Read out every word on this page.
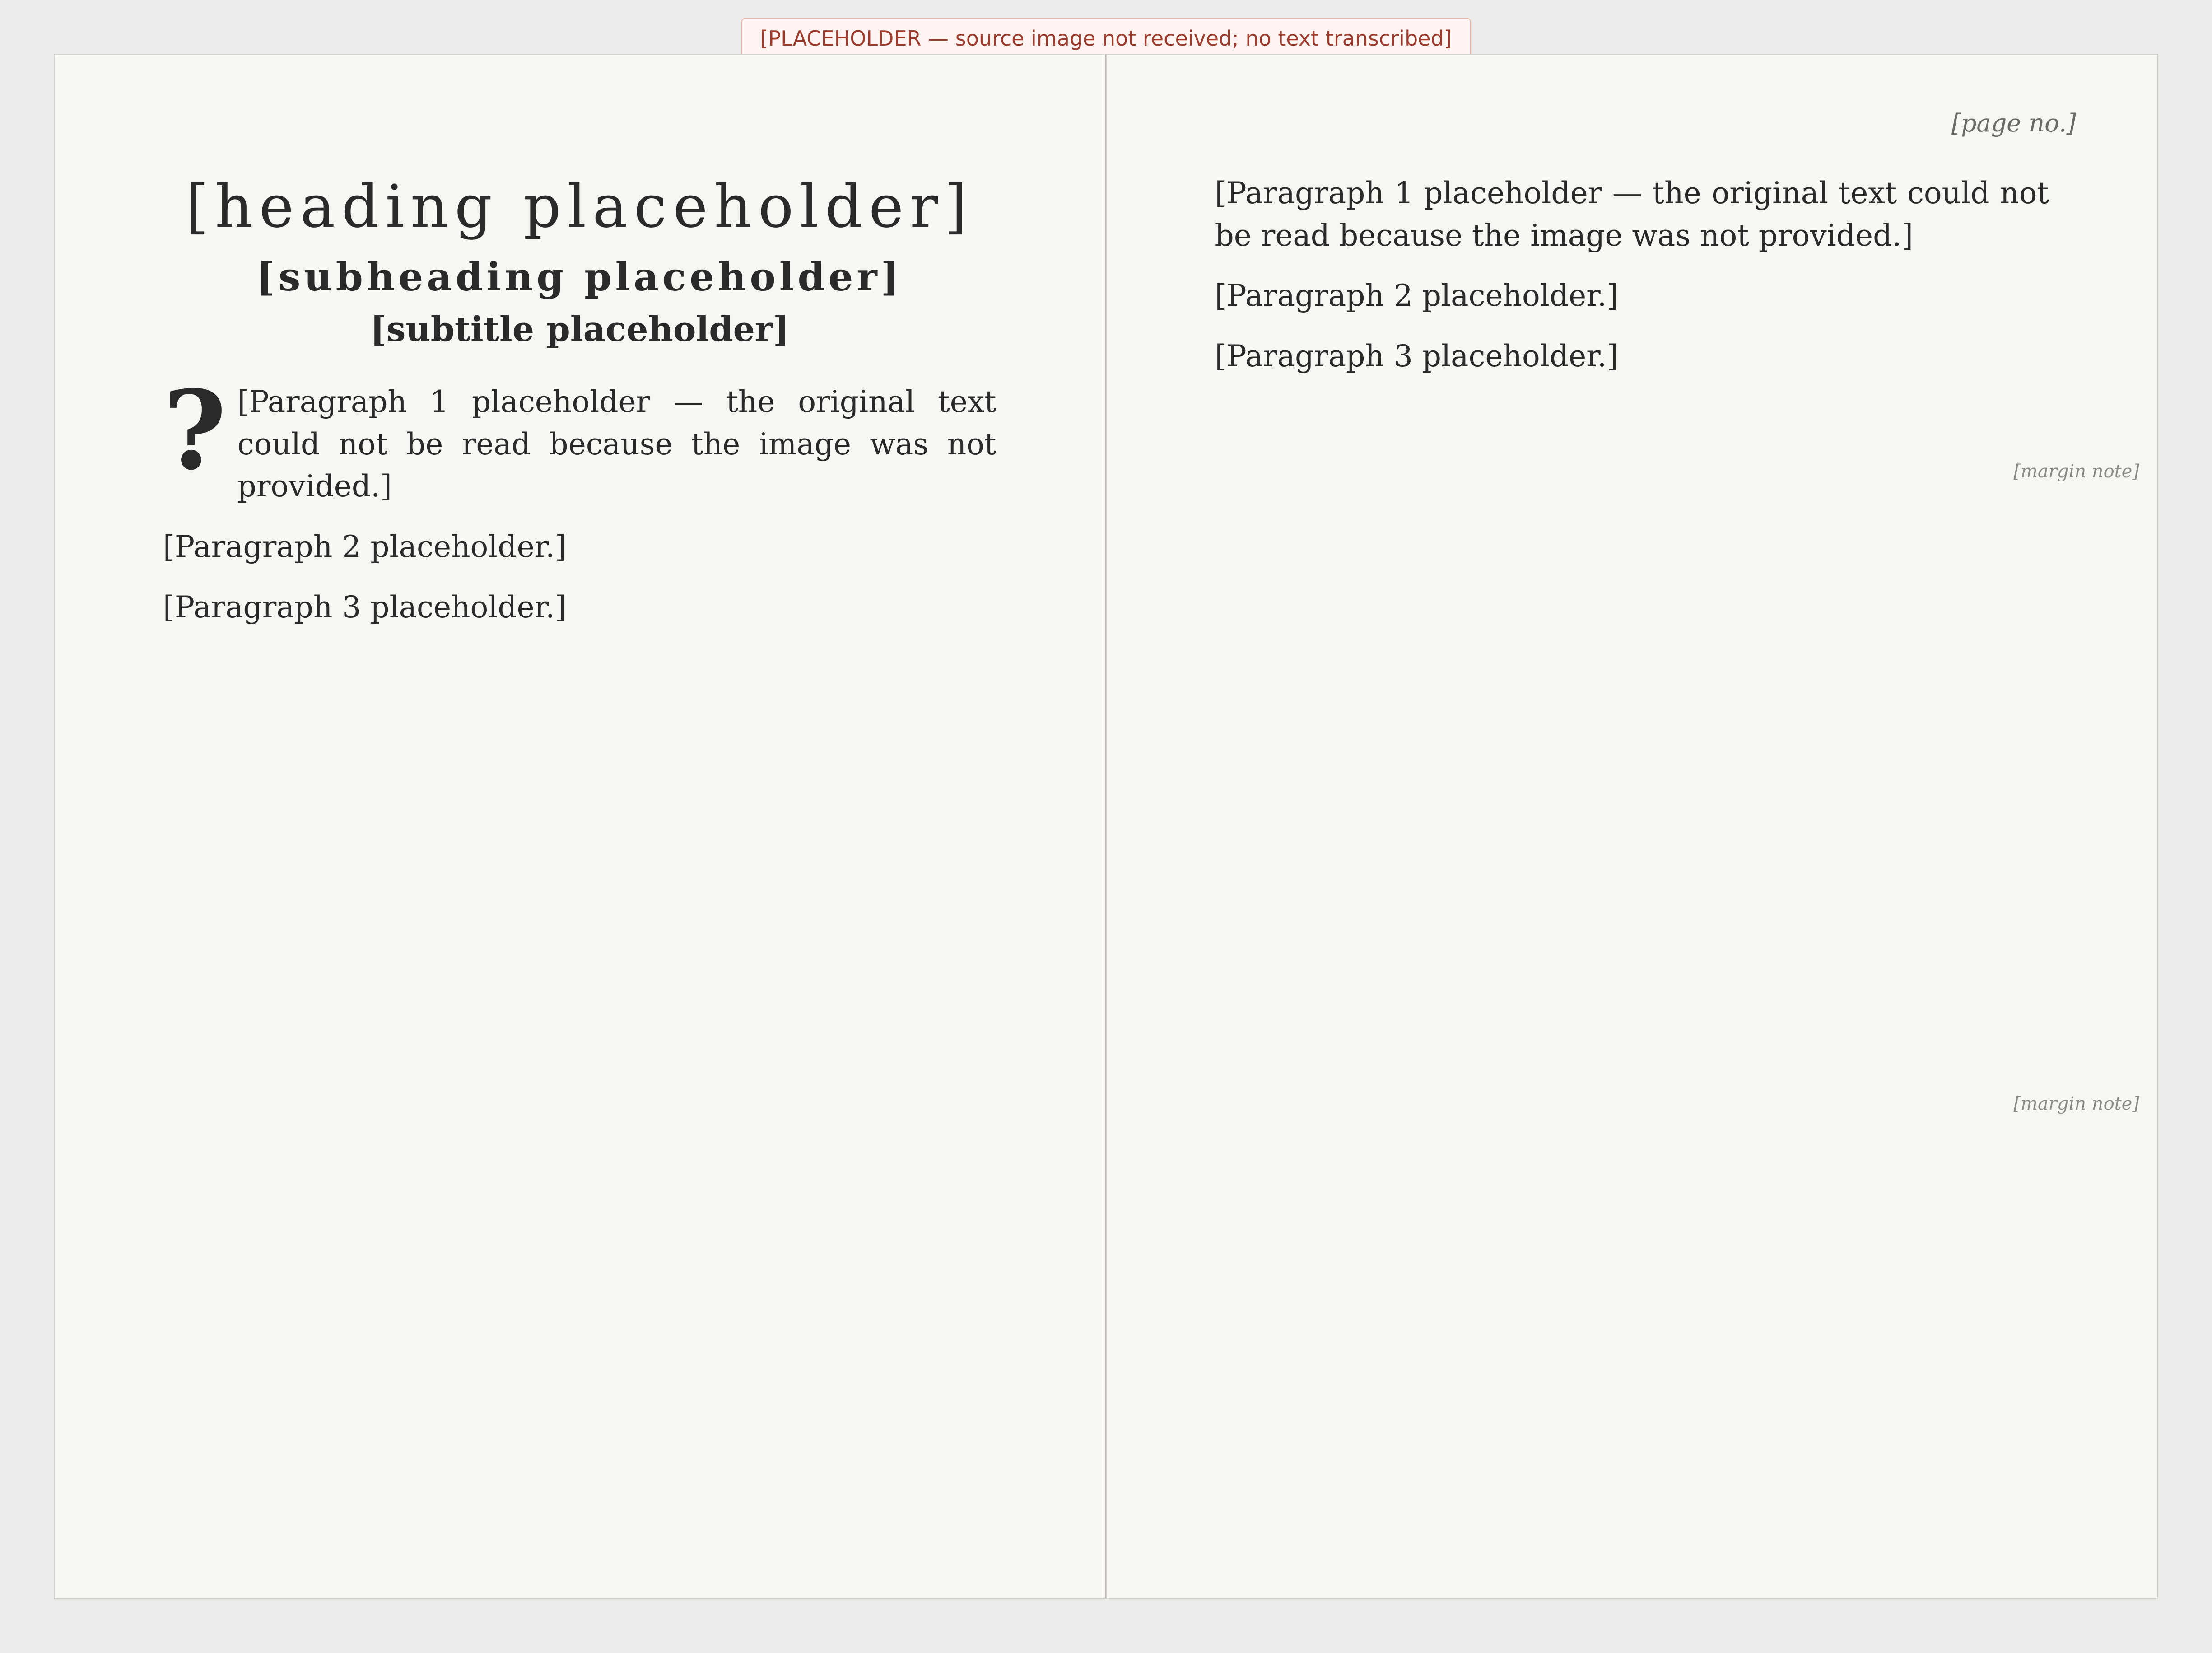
[PLACEHOLDER — source image not received; no text transcribed]
[heading placeholder]
[subheading placeholder]
[subtitle placeholder]

? [Paragraph 1 placeholder — the original text could not be read because the image was not provided.]

[Paragraph 2 placeholder.]

[Paragraph 3 placeholder.]

[page no.]

[Paragraph 1 placeholder — the original text could not be read because the image was not provided.]

[Paragraph 2 placeholder.]

[Paragraph 3 placeholder.]

[margin note]
[margin note]
